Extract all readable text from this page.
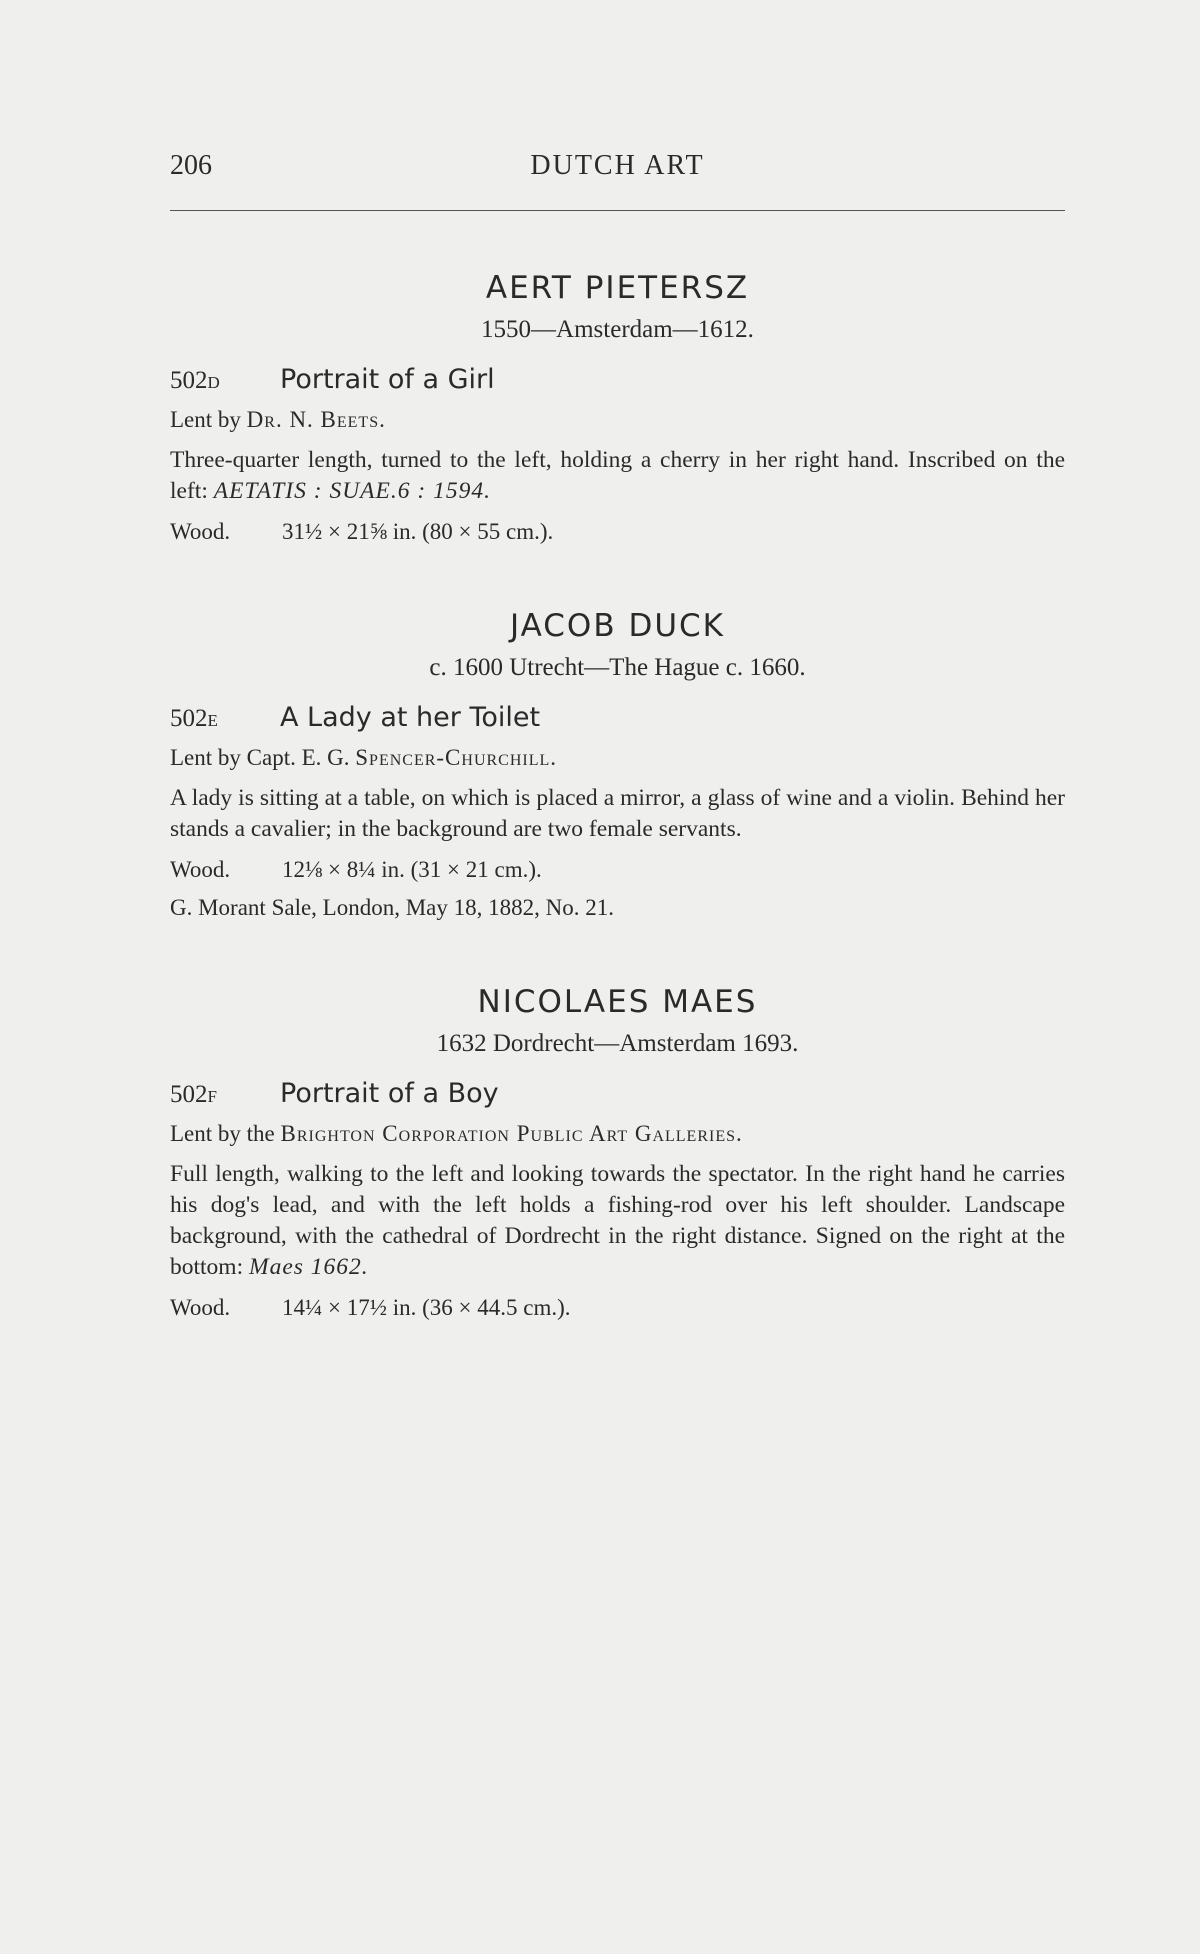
206	DUTCH ART
AERT PIETERSZ
1550—Amsterdam—1612.
502D	Portrait of a Girl
Lent by Dr. N. Beets.
Three-quarter length, turned to the left, holding a cherry in her right hand. Inscribed on the left: AETATIS : SUAE.6 : 1594.
Wood. 31½ × 21⅝ in. (80 × 55 cm.).
JACOB DUCK
c. 1600 Utrecht—The Hague c. 1660.
502E	A Lady at her Toilet
Lent by Capt. E. G. Spencer-Churchill.
A lady is sitting at a table, on which is placed a mirror, a glass of wine and a violin. Behind her stands a cavalier; in the background are two female servants.
Wood. 12⅛ × 8¼ in. (31 × 21 cm.).
G. Morant Sale, London, May 18, 1882, No. 21.
NICOLAES MAES
1632 Dordrecht—Amsterdam 1693.
502F	Portrait of a Boy
Lent by the Brighton Corporation Public Art Galleries.
Full length, walking to the left and looking towards the spectator. In the right hand he carries his dog's lead, and with the left holds a fishing-rod over his left shoulder. Landscape background, with the cathedral of Dordrecht in the right distance. Signed on the right at the bottom: Maes 1662.
Wood. 14¼ × 17½ in. (36 × 44.5 cm.).
